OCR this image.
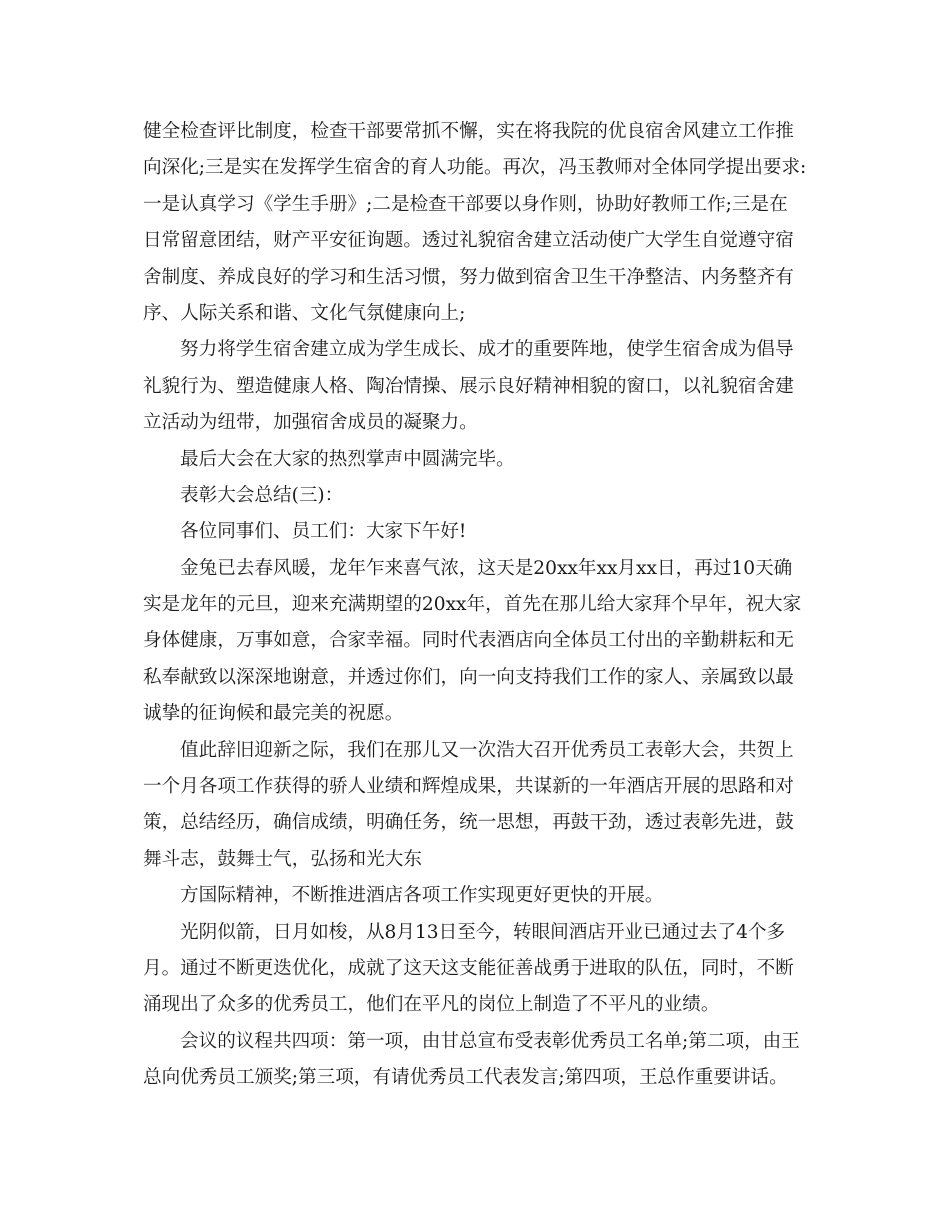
健全检查评比制度，检查干部要常抓不懈，实在将我院的优良宿舍风建立工作推
向深化;三是实在发挥学生宿舍的育人功能。再次，冯玉教师对全体同学提出要求:
一是认真学习《学生手册》;二是检查干部要以身作则，协助好教师工作;三是在
日常留意团结，财产平安征询题。透过礼貌宿舍建立活动使广大学生自觉遵守宿
舍制度、养成良好的学习和生活习惯，努力做到宿舍卫生干净整洁、内务整齐有
序、人际关系和谐、文化气氛健康向上;
努力将学生宿舍建立成为学生成长、成才的重要阵地，使学生宿舍成为倡导
礼貌行为、塑造健康人格、陶冶情操、展示良好精神相貌的窗口，以礼貌宿舍建
立活动为纽带，加强宿舍成员的凝聚力。
最后大会在大家的热烈掌声中圆满完毕。
表彰大会总结(三)：
各位同事们、员工们：大家下午好!
金兔已去春风暖，龙年乍来喜气浓，这天是20xx年xx月xx日，再过10天确
实是龙年的元旦，迎来充满期望的20xx年，首先在那儿给大家拜个早年，祝大家
身体健康，万事如意，合家幸福。同时代表酒店向全体员工付出的辛勤耕耘和无
私奉献致以深深地谢意，并透过你们，向一向支持我们工作的家人、亲属致以最
诚挚的征询候和最完美的祝愿。
值此辞旧迎新之际，我们在那儿又一次浩大召开优秀员工表彰大会，共贺上
一个月各项工作获得的骄人业绩和辉煌成果，共谋新的一年酒店开展的思路和对
策，总结经历，确信成绩，明确任务，统一思想，再鼓干劲，透过表彰先进，鼓
舞斗志，鼓舞士气，弘扬和光大东
方国际精神，不断推进酒店各项工作实现更好更快的开展。
光阴似箭，日月如梭，从8月13日至今，转眼间酒店开业已通过去了4个多
月。通过不断更迭优化，成就了这天这支能征善战勇于进取的队伍，同时，不断
涌现出了众多的优秀员工，他们在平凡的岗位上制造了不平凡的业绩。
会议的议程共四项：第一项，由甘总宣布受表彰优秀员工名单;第二项，由王
总向优秀员工颁奖;第三项，有请优秀员工代表发言;第四项，王总作重要讲话。
